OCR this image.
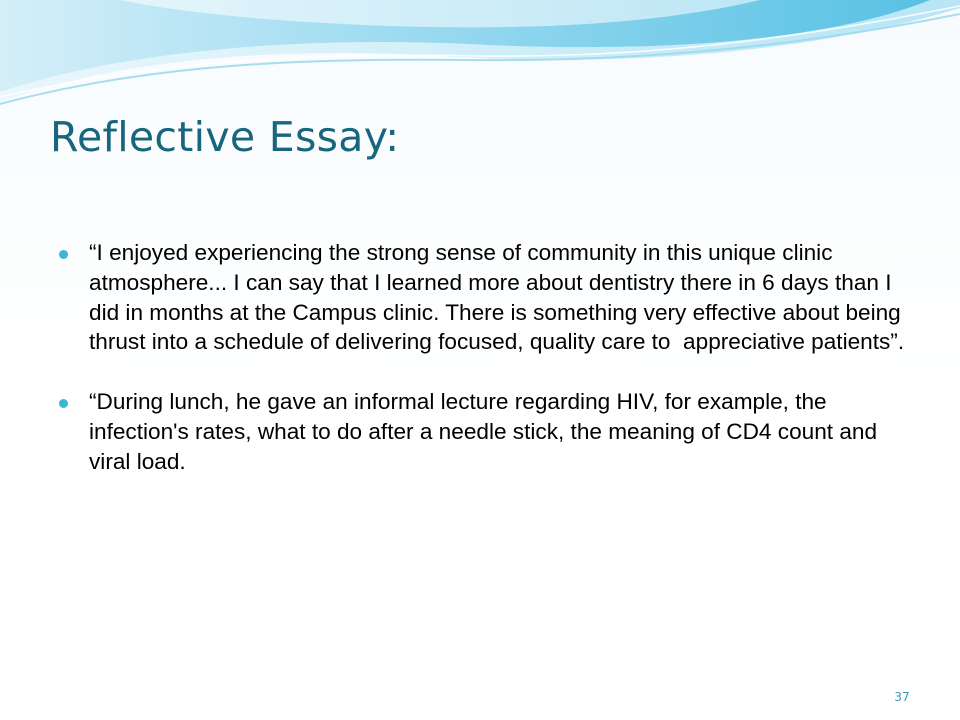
Reflective Essay:
“I enjoyed experiencing the strong sense of community in this unique clinic atmosphere... I can say that I learned more about dentistry there in 6 days than I did in months at the Campus clinic. There is something very effective about being thrust into a schedule of delivering focused, quality care to  appreciative patients”.
“During lunch, he gave an informal lecture regarding HIV, for example, the infection's rates, what to do after a needle stick, the meaning of CD4 count and viral load.
37
